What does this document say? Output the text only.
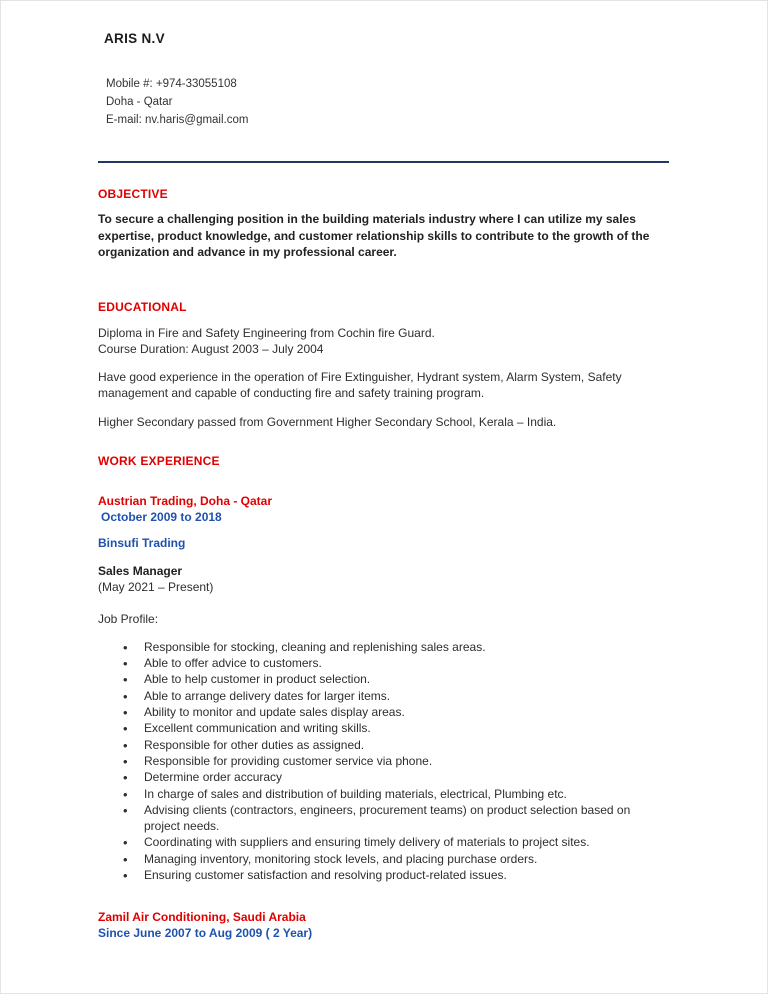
ARIS N.V
Mobile #: +974-33055108
Doha - Qatar
E-mail: nv.haris@gmail.com
OBJECTIVE

To secure a challenging position in the building materials industry where I can utilize my sales expertise, product knowledge, and customer relationship skills to contribute to the growth of the organization and advance in my professional career.

EDUCATIONAL
Diploma in Fire and Safety Engineering from Cochin fire Guard.
Course Duration: August 2003 – July 2004

Have good experience in the operation of Fire Extinguisher, Hydrant system, Alarm System, Safety management and capable of conducting fire and safety training program.

Higher Secondary passed from Government Higher Secondary School, Kerala – India.

WORK EXPERIENCE
Austrian Trading, Doha - Qatar
October 2009 to 2018
Binsufi Trading
Sales Manager
(May 2021 – Present)
Job Profile:
• Responsible for stocking, cleaning and replenishing sales areas.
• Able to offer advice to customers.
• Able to help customer in product selection.
• Able to arrange delivery dates for larger items.
• Ability to monitor and update sales display areas.
• Excellent communication and writing skills.
• Responsible for other duties as assigned.
• Responsible for providing customer service via phone.
• Determine order accuracy
• In charge of sales and distribution of building materials, electrical, Plumbing etc.
• Advising clients (contractors, engineers, procurement teams) on product selection based on project needs.
• Coordinating with suppliers and ensuring timely delivery of materials to project sites.
• Managing inventory, monitoring stock levels, and placing purchase orders.
• Ensuring customer satisfaction and resolving product-related issues.
Zamil Air Conditioning, Saudi Arabia
Since June 2007 to Aug 2009 ( 2 Year)
